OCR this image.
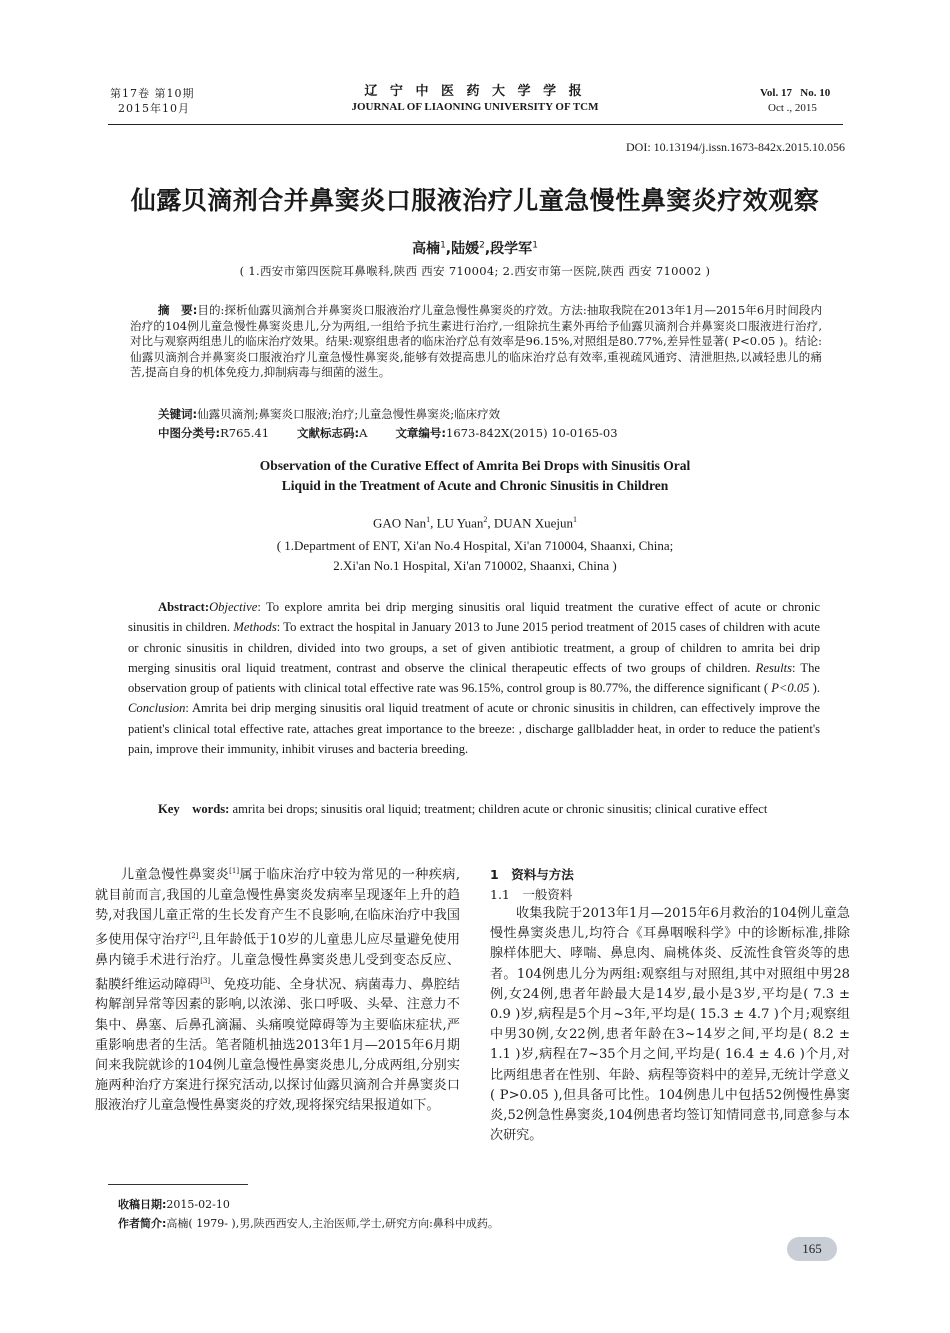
第17卷 第10期
2015年10月
辽 宁 中 医 药 大 学 学 报
JOURNAL OF LIAONING UNIVERSITY OF TCM
Vol. 17 No. 10
Oct ., 2015
DOI: 10.13194/j.issn.1673-842x.2015.10.056
仙露贝滴剂合并鼻窦炎口服液治疗儿童急慢性鼻窦炎疗效观察
高楠$^1$,陆媛$^2$,段学军$^1$
( 1.西安市第四医院耳鼻喉科,陕西 西安 710004; 2.西安市第一医院,陕西 西安 710002 )
摘　要:目的:探析仙露贝滴剂合并鼻窦炎口服液治疗儿童急慢性鼻窦炎的疗效。方法:抽取我院在2013年1月—2015年6月时间段内治疗的104例儿童急慢性鼻窦炎患儿,分为两组,一组给予抗生素进行治疗,一组除抗生素外再给予仙露贝滴剂合并鼻窦炎口服液进行治疗,对比与观察两组患儿的临床治疗效果。结果:观察组患者的临床治疗总有效率是96.15%,对照组是80.77%,差异性显著( P<0.05 )。结论:仙露贝滴剂合并鼻窦炎口服液治疗儿童急慢性鼻窦炎,能够有效提高患儿的临床治疗总有效率,重视疏风通窍、清泄胆热,以减轻患儿的痛苦,提高自身的机体免疫力,抑制病毒与细菌的滋生。
关键词:仙露贝滴剂;鼻窦炎口服液;治疗;儿童急慢性鼻窦炎;临床疗效
中图分类号:R765.41 文献标志码:A 文章编号:1673-842X(2015) 10-0165-03
Observation of the Curative Effect of Amrita Bei Drops with Sinusitis Oral
Liquid in the Treatment of Acute and Chronic Sinusitis in Children
GAO Nan$^1$, LU Yuan$^2$, DUAN Xuejun$^1$
( 1.Department of ENT, Xi'an No.4 Hospital, Xi'an 710004, Shaanxi, China;
2.Xi'an No.1 Hospital, Xi'an 710002, Shaanxi, China )
Abstract:Objective: To explore amrita bei drip merging sinusitis oral liquid treatment the curative effect of acute or chronic sinusitis in children. Methods: To extract the hospital in January 2013 to June 2015 period treatment of 2015 cases of children with acute or chronic sinusitis in children, divided into two groups, a set of given antibiotic treatment, a group of children to amrita bei drip merging sinusitis oral liquid treatment, contrast and observe the clinical therapeutic effects of two groups of children. Results: The observation group of patients with clinical total effective rate was 96.15%, control group is 80.77%, the difference significant ( P<0.05 ). Conclusion: Amrita bei drip merging sinusitis oral liquid treatment of acute or chronic sinusitis in children, can effectively improve the patient's clinical total effective rate, attaches great importance to the breeze: , discharge gallbladder heat, in order to reduce the patient's pain, improve their immunity, inhibit viruses and bacteria breeding.
Key　words: amrita bei drops; sinusitis oral liquid; treatment; children acute or chronic sinusitis; clinical curative effect
儿童急慢性鼻窦炎[1]属于临床治疗中较为常见的一种疾病,就目前而言,我国的儿童急慢性鼻窦炎发病率呈现逐年上升的趋势,对我国儿童正常的生长发育产生不良影响,在临床治疗中我国多使用保守治疗[2],且年龄低于10岁的儿童患儿应尽量避免使用鼻内镜手术进行治疗。儿童急慢性鼻窦炎患儿受到变态反应、黏膜纤维运动障碍[3]、免疫功能、全身状况、病菌毒力、鼻腔结构解剖异常等因素的影响,以浓涕、张口呼吸、头晕、注意力不集中、鼻塞、后鼻孔滴漏、头痛嗅觉障碍等为主要临床症状,严重影响患者的生活。笔者随机抽选2013年1月—2015年6月期间来我院就诊的104例儿童急慢性鼻窦炎患儿,分成两组,分别实施两种治疗方案进行探究活动,以探讨仙露贝滴剂合并鼻窦炎口服液治疗儿童急慢性鼻窦炎的疗效,现将探究结果报道如下。
1　资料与方法
1.1　一般资料
收集我院于2013年1月—2015年6月救治的104例儿童急慢性鼻窦炎患儿,均符合《耳鼻咽喉科学》中的诊断标准,排除腺样体肥大、哮喘、鼻息肉、扁桃体炎、反流性食管炎等的患者。104例患儿分为两组:观察组与对照组,其中对照组中男28例,女24例,患者年龄最大是14岁,最小是3岁,平均是( 7.3 ± 0.9 )岁,病程是5个月~3年,平均是( 15.3 ± 4.7 )个月;观察组中男30例,女22例,患者年龄在3~14岁之间,平均是( 8.2 ± 1.1 )岁,病程在7~35个月之间,平均是( 16.4 ± 4.6 )个月,对比两组患者在性别、年龄、病程等资料中的差异,无统计学意义( P>0.05 ),但具备可比性。104例患儿中包括52例慢性鼻窦炎,52例急性鼻窦炎,104例患者均签订知情同意书,同意参与本次研究。
收稿日期:2015-02-10
作者简介:高楠( 1979- ),男,陕西西安人,主治医师,学士,研究方向:鼻科中成药。
165
